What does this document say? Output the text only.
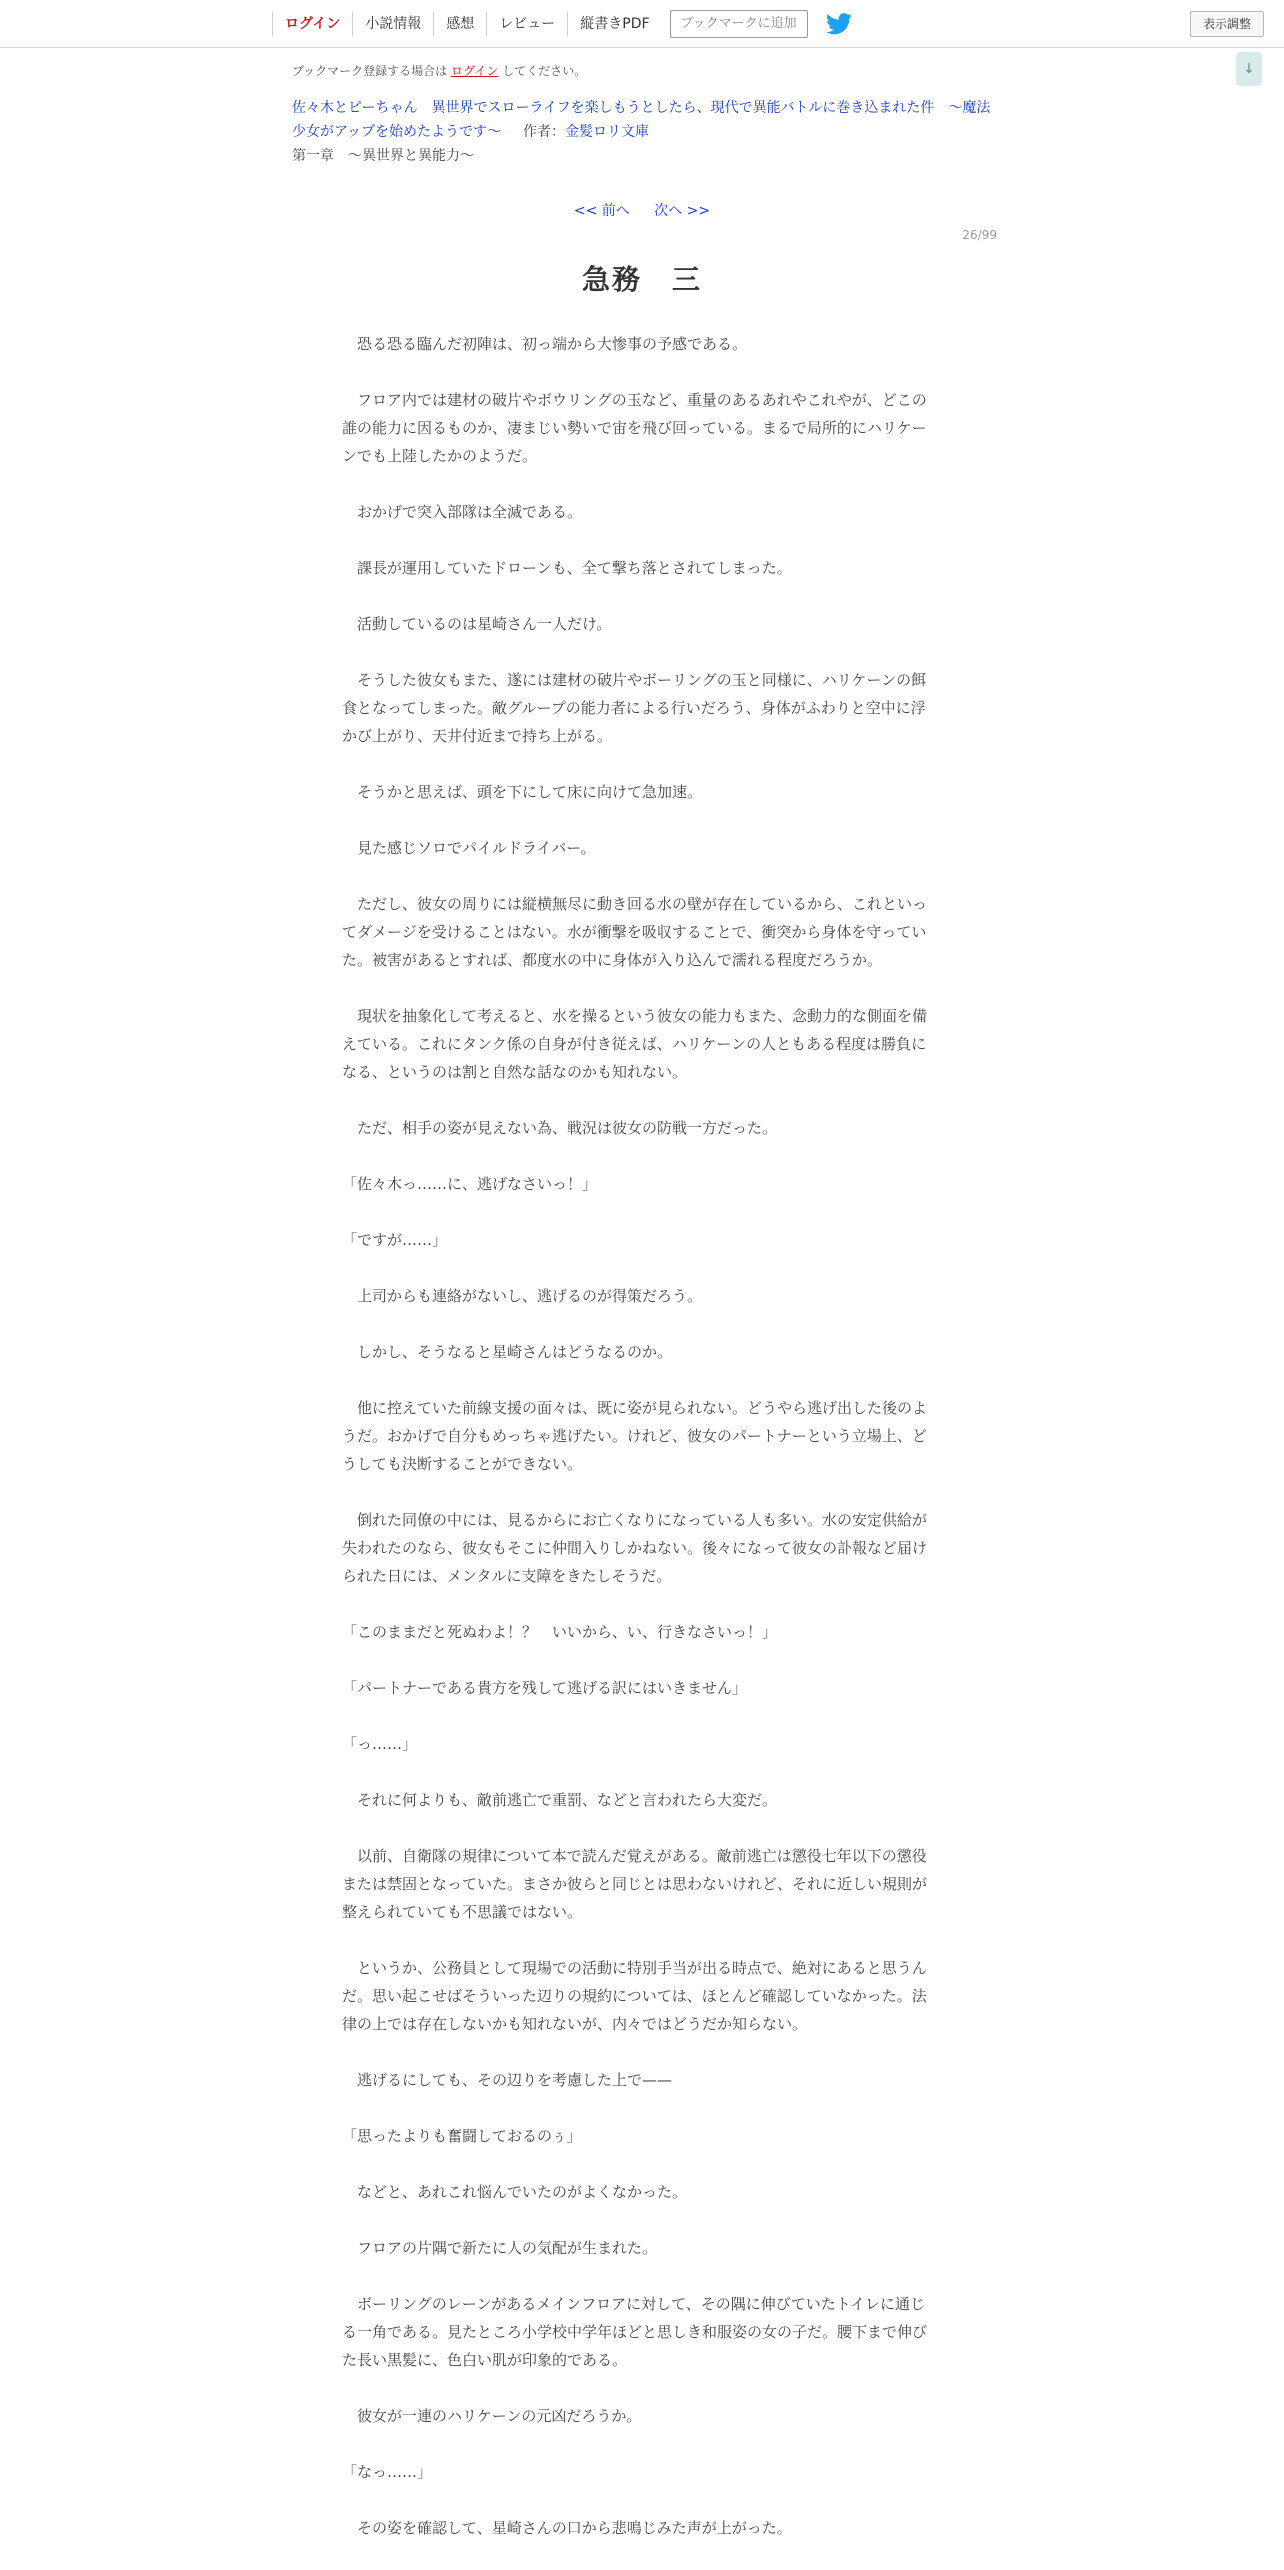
ログイン	小説情報	感想	レビュー	縦書きPDF	ブックマークに追加	表示調整
↓
ブックマーク登録する場合は ログイン してください。
佐々木とピーちゃん　異世界でスローライフを楽しもうとしたら、現代で異能バトルに巻き込まれた件　～魔法少女がアップを始めたようです～ 作者：金髪ロリ文庫
第一章　～異世界と異能力～
<< 前へ 次へ >>
26/99
急務　三

　恐る恐る臨んだ初陣は、初っ端から大惨事の予感である。

　フロア内では建材の破片やボウリングの玉など、重量のあるあれやこれやが、どこの誰の能力に因るものか、凄まじい勢いで宙を飛び回っている。まるで局所的にハリケーンでも上陸したかのようだ。

　おかげで突入部隊は全滅である。

　課長が運用していたドローンも、全て撃ち落とされてしまった。

　活動しているのは星崎さん一人だけ。

　そうした彼女もまた、遂には建材の破片やボーリングの玉と同様に、ハリケーンの餌食となってしまった。敵グループの能力者による行いだろう、身体がふわりと空中に浮かび上がり、天井付近まで持ち上がる。

　そうかと思えば、頭を下にして床に向けて急加速。

　見た感じソロでパイルドライバー。

　ただし、彼女の周りには縦横無尽に動き回る水の壁が存在しているから、これといってダメージを受けることはない。水が衝撃を吸収することで、衝突から身体を守っていた。被害があるとすれば、都度水の中に身体が入り込んで濡れる程度だろうか。

　現状を抽象化して考えると、水を操るという彼女の能力もまた、念動力的な側面を備えている。これにタンク係の自身が付き従えば、ハリケーンの人ともある程度は勝負になる、というのは割と自然な話なのかも知れない。

　ただ、相手の姿が見えない為、戦況は彼女の防戦一方だった。

「佐々木っ……に、逃げなさいっ！」

「ですが……」

　上司からも連絡がないし、逃げるのが得策だろう。

　しかし、そうなると星崎さんはどうなるのか。

　他に控えていた前線支援の面々は、既に姿が見られない。どうやら逃げ出した後のようだ。おかげで自分もめっちゃ逃げたい。けれど、彼女のパートナーという立場上、どうしても決断することができない。

　倒れた同僚の中には、見るからにお亡くなりになっている人も多い。水の安定供給が失われたのなら、彼女もそこに仲間入りしかねない。後々になって彼女の訃報など届けられた日には、メンタルに支障をきたしそうだ。

「このままだと死ぬわよ！？　いいから、い、行きなさいっ！」

「パートナーである貴方を残して逃げる訳にはいきません」

「っ……」

　それに何よりも、敵前逃亡で重罰、などと言われたら大変だ。

　以前、自衛隊の規律について本で読んだ覚えがある。敵前逃亡は懲役七年以下の懲役または禁固となっていた。まさか彼らと同じとは思わないけれど、それに近しい規則が整えられていても不思議ではない。

　というか、公務員として現場での活動に特別手当が出る時点で、絶対にあると思うんだ。思い起こせばそういった辺りの規約については、ほとんど確認していなかった。法律の上では存在しないかも知れないが、内々ではどうだか知らない。

　逃げるにしても、その辺りを考慮した上で——

「思ったよりも奮闘しておるのぅ」

　などと、あれこれ悩んでいたのがよくなかった。

　フロアの片隅で新たに人の気配が生まれた。

　ボーリングのレーンがあるメインフロアに対して、その隅に伸びていたトイレに通じる一角である。見たところ小学校中学年ほどと思しき和服姿の女の子だ。腰下まで伸びた長い黒髪に、色白い肌が印象的である。

　彼女が一連のハリケーンの元凶だろうか。

「なっ……」

　その姿を確認して、星崎さんの口から悲鳴じみた声が上がった。
